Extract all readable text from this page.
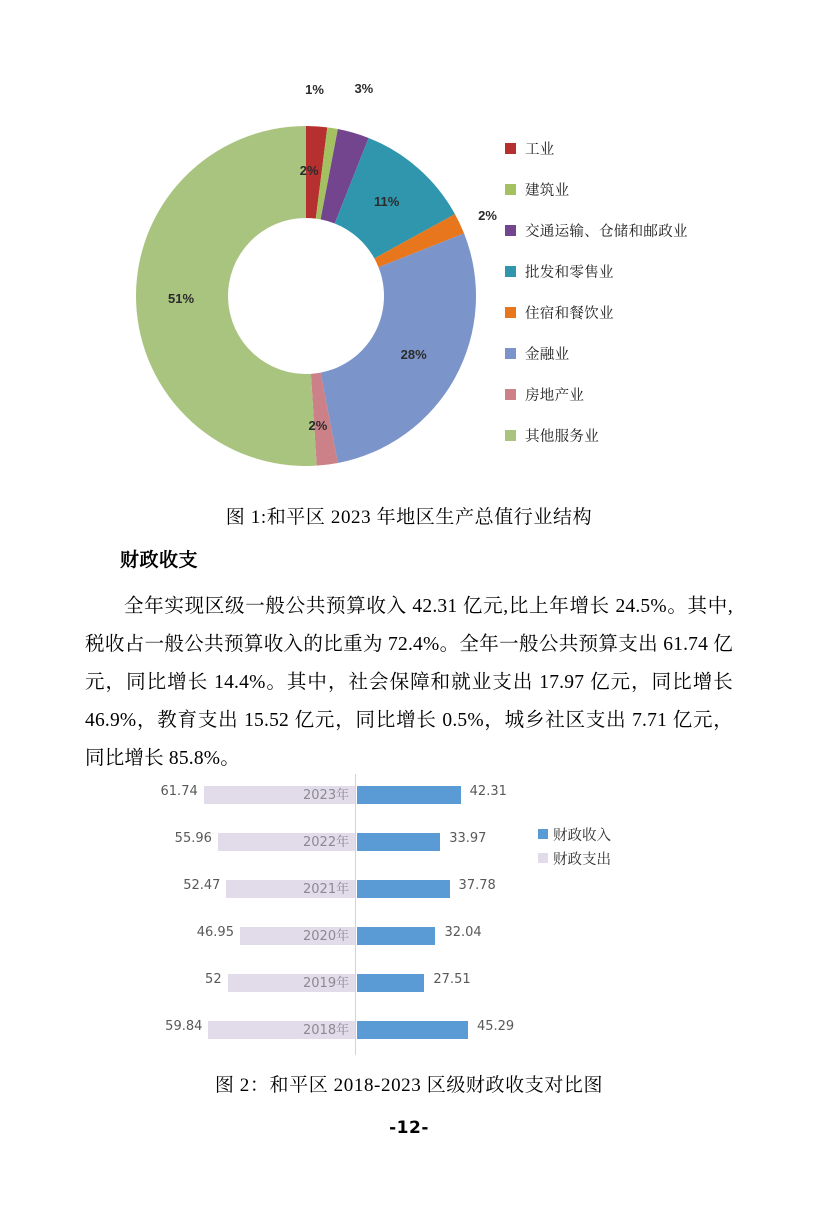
2%
1% 3%
11%
2%
28%
2%
51%
工业
建筑业
交通运输、仓储和邮政业
批发和零售业
住宿和餐饮业
金融业
房地产业
其他服务业
图 1:和平区 2023 年地区生产总值行业结构
财政收支
全年实现区级一般公共预算收入 42.31 亿元,比上年增长 24.5%。其中,税收占一般公共预算收入的比重为 72.4%。全年一般公共预算支出 61.74 亿元，同比增长 14.4%。其中，社会保障和就业支出 17.97 亿元，同比增长 46.9%，教育支出 15.52 亿元，同比增长 0.5%，城乡社区支出 7.71 亿元，同比增长 85.8%。
61.74	42.31
2023年
55.96	33.97
2022年
52.47	37.78
2021年
46.95	32.04
2020年
52	27.51
2019年
59.84	45.29
2018年
财政收入
财政支出
图 2：和平区 2018-2023 区级财政收支对比图
-12-
